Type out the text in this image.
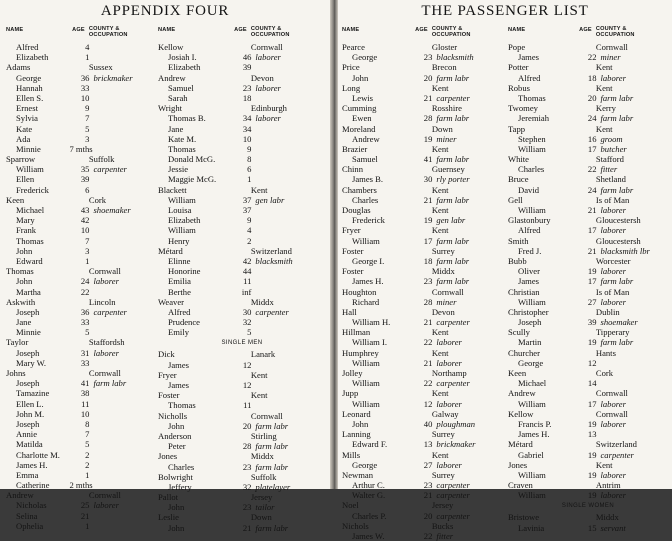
APPENDIX FOUR
NAME	AGE COUNTY &
OCCUPATION
Alfred	4
Elizabeth	1
Adams	Sussex
George	36 brickmaker
Hannah	33
Ellen S.	10
Ernest	9
Sylvia	7
Kate	5
Ada	3
Minnie	7 mths
Sparrow	Suffolk
William	35 carpenter
Ellen	39
Frederick	6
Keen	Cork
Michael	43 shoemaker
Mary	42
Frank	10
Thomas	7
John	3
Edward	1
Thomas	Cornwall
John	24 laborer
Martha	22
Askwith	Lincoln
Joseph	36 carpenter
Jane	33
Minnie	5
Taylor	Staffordsh
Joseph	31 laborer
Mary W.	33
Johns	Cornwall
Joseph	41 farm labr
Tamazine	38
Ellen L.	11
John M.	10
Joseph	8
Annie	7
Matilda	5
Charlotte M.	2
James H.	2
Emma	1
Catherine	2 mths
Andrew	Cornwall
Nicholas	25 laborer
Selina	21
Ophelia	1
NAME	AGE COUNTY &
OCCUPATION
Kellow	Cornwall
Josiah I.	46 laborer
Elizabeth	39
Andrew	Devon
Samuel	23 laborer
Sarah	18
Wright	Edinburgh
Thomas B.	34 laborer
Jane	34
Kate M.	10
Thomas	9
Donald McG.	8
Jessie	6
Maggie McG.	1
Blackett	Kent
William	37 gen labr
Louisa	37
Elizabeth	9
William	4
Henry	2
Métard	Switzerland
Elinne	42 blacksmith
Honorine	44
Emilia	11
Berthe	inf
Weaver	Middx
Alfred	30 carpenter
Prudence	32
Emily	5
SINGLE MEN
Dick	Lanark
James	12
Fryer	Kent
James	12
Foster	Kent
Thomas	11
Nicholls	Cornwall
John	20 farm labr
Anderson	Stirling
Peter	28 farm labr
Jones	Middx
Charles	23 farm labr
Bolwright	Suffolk
Jeffery	32 platelayer
Pallot	Jersey
John	23 tailor
Leslie	Down
John	21 farm labr
THE PASSENGER LIST
NAME	AGE COUNTY &
OCCUPATION
Pearce	Gloster
George	23 blacksmith
Price	Brecon
John	20 farm labr
Long	Kent
Lewis	21 carpenter
Cumming	Rosshire
Ewen	28 farm labr
Moreland	Down
Andrew	19 miner
Brazier	Kent
Samuel	41 farm labr
Chinn	Guernsey
James B.	30 rly porter
Chambers	Kent
Charles	21 farm labr
Douglas	Kent
Frederick	19 gen labr
Fryer	Kent
William	17 farm labr
Foster	Surrey
George I.	18 farm labr
Foster	Middx
James H.	23 farm labr
Houghton	Cornwall
Richard	28 miner
Hall	Devon
William H.	21 carpenter
Hillman	Kent
William I.	22 laborer
Humphrey	Kent
William	21 laborer
Jolley	Northamp
William	22 carpenter
Jupp	Kent
William	12 laborer
Leonard	Galway
John	40 ploughman
Lanning	Surrey
Edward F.	13 brickmaker
Mills	Kent
George	27 laborer
Newman	Surrey
Arthur C.	23 carpenter
Walter G.	21 carpenter
Noel	Jersey
Charles P.	20 carpenter
Nichols	Bucks
James W.	22 fitter
NAME	AGE COUNTY &
OCCUPATION
Pope	Cornwall
James	22 miner
Potter	Kent
Alfred	18 laborer
Robus	Kent
Thomas	20 farm labr
Twomey	Kerry
Jeremiah	24 farm labr
Tapp	Kent
Stephen	16 groom
William	17 butcher
White	Stafford
Charles	22 fitter
Bruce	Shetland
David	24 farm labr
Gell	Is of Man
William	21 laborer
Glastonbury	Gloucestersh
Alfred	17 laborer
Smith	Gloucestersh
Fred J.	21 blacksmith lbr
Bubb	Worcester
Oliver	19 laborer
James	17 farm labr
Christian	Is of Man
William	27 laborer
Christopher	Dublin
Joseph	39 shoemaker
Scully	Tipperary
Martin	19 farm labr
Churcher	Hants
George	12
Keen	Cork
Michael	14
Andrew	Cornwall
William	17 laborer
Kellow	Cornwall
Francis P.	19 laborer
James H.	13
Métard	Switzerland
Gabriel	19 carpenter
Jones	Kent
William	19 laborer
Craven	Antrim
William	19 laborer
SINGLE WOMEN
Bristowe	Middx
Lavinia	15 servant
